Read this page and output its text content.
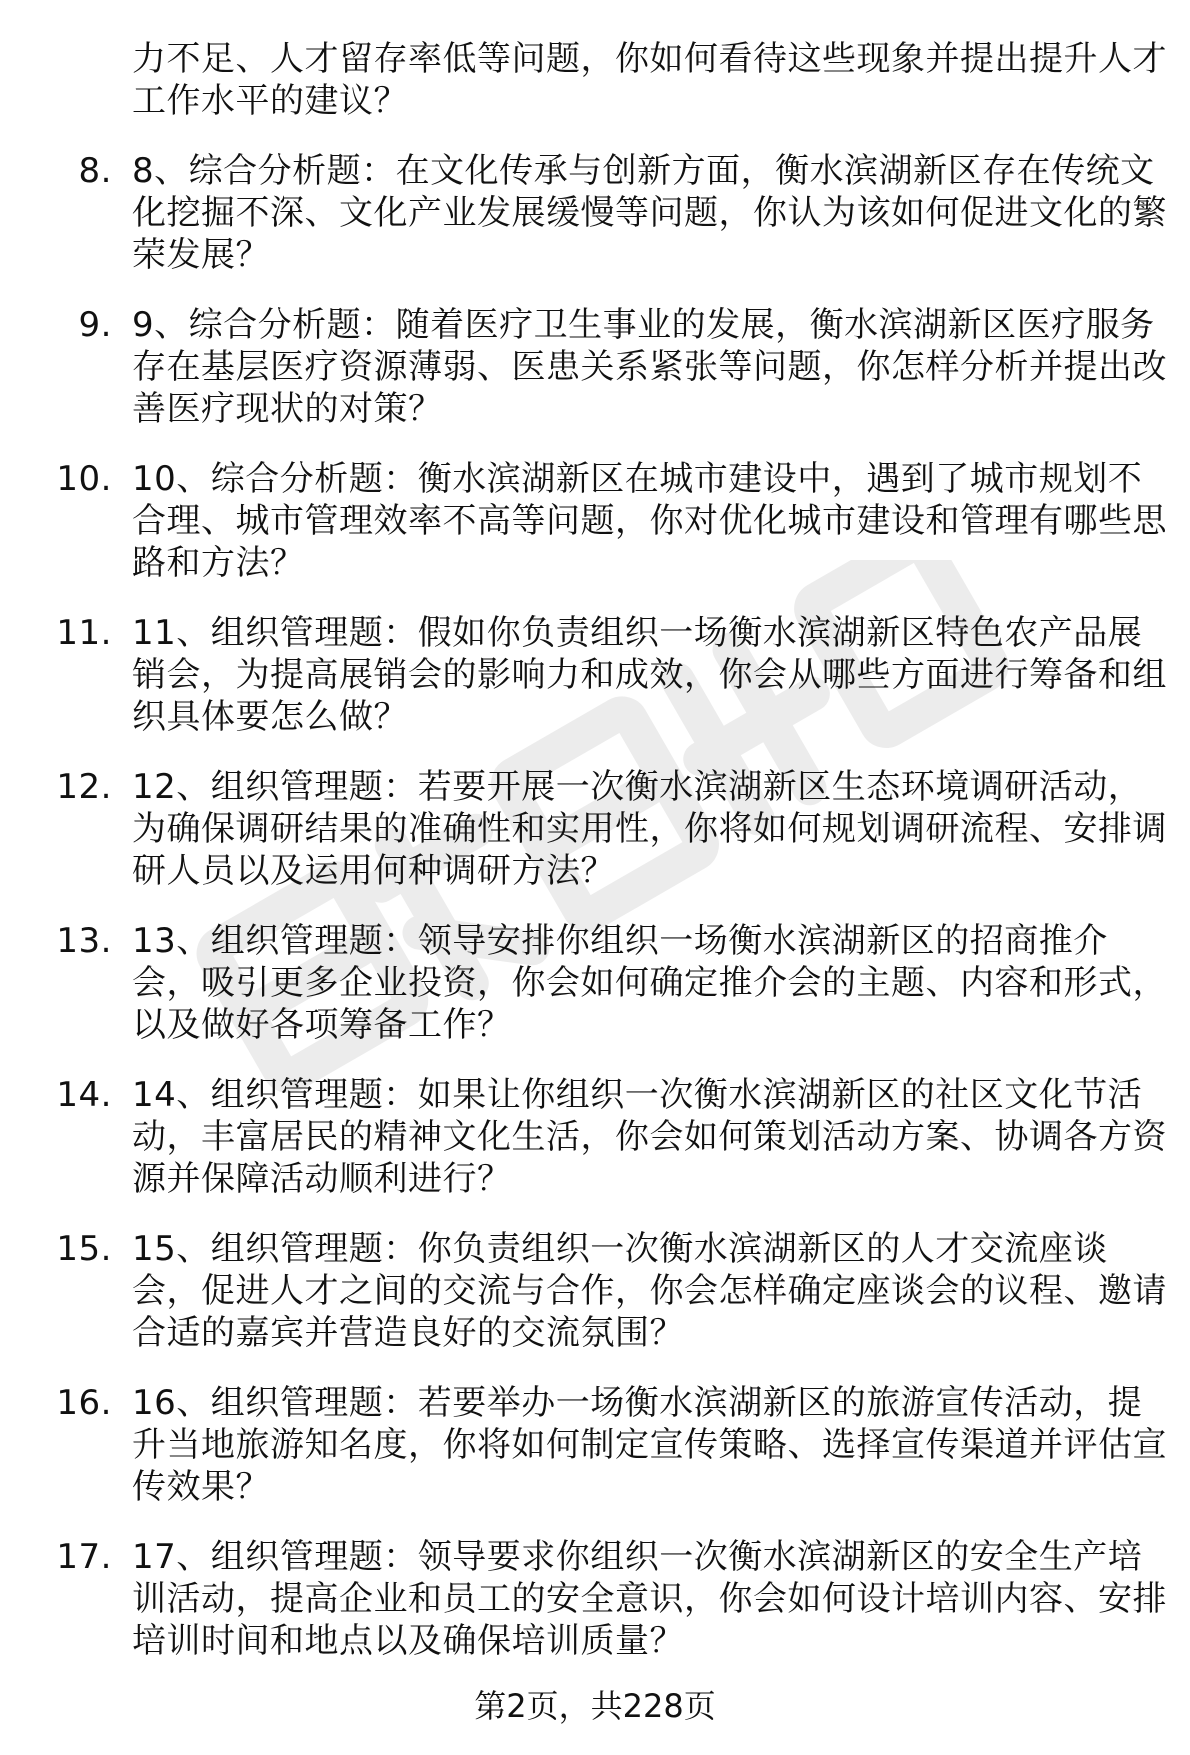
力不足、人才留存率低等问题，你如何看待这些现象并提出提升人才工作水平的建议？
8. 8、综合分析题：在文化传承与创新方面，衡水滨湖新区存在传统文化挖掘不深、文化产业发展缓慢等问题，你认为该如何促进文化的繁荣发展？
9. 9、综合分析题：随着医疗卫生事业的发展，衡水滨湖新区医疗服务存在基层医疗资源薄弱、医患关系紧张等问题，你怎样分析并提出改善医疗现状的对策？
10. 10、综合分析题：衡水滨湖新区在城市建设中，遇到了城市规划不合理、城市管理效率不高等问题，你对优化城市建设和管理有哪些思路和方法？
11. 11、组织管理题：假如你负责组织一场衡水滨湖新区特色农产品展销会，为提高展销会的影响力和成效，你会从哪些方面进行筹备和组织具体要怎么做？
12. 12、组织管理题：若要开展一次衡水滨湖新区生态环境调研活动，为确保调研结果的准确性和实用性，你将如何规划调研流程、安排调研人员以及运用何种调研方法？
13. 13、组织管理题：领导安排你组织一场衡水滨湖新区的招商推介会，吸引更多企业投资，你会如何确定推介会的主题、内容和形式，以及做好各项筹备工作？
14. 14、组织管理题：如果让你组织一次衡水滨湖新区的社区文化节活动，丰富居民的精神文化生活，你会如何策划活动方案、协调各方资源并保障活动顺利进行？
15. 15、组织管理题：你负责组织一次衡水滨湖新区的人才交流座谈会，促进人才之间的交流与合作，你会怎样确定座谈会的议程、邀请合适的嘉宾并营造良好的交流氛围？
16. 16、组织管理题：若要举办一场衡水滨湖新区的旅游宣传活动，提升当地旅游知名度，你将如何制定宣传策略、选择宣传渠道并评估宣传效果？
17. 17、组织管理题：领导要求你组织一次衡水滨湖新区的安全生产培训活动，提高企业和员工的安全意识，你会如何设计培训内容、安排培训时间和地点以及确保培训质量？
第2页，共228页
